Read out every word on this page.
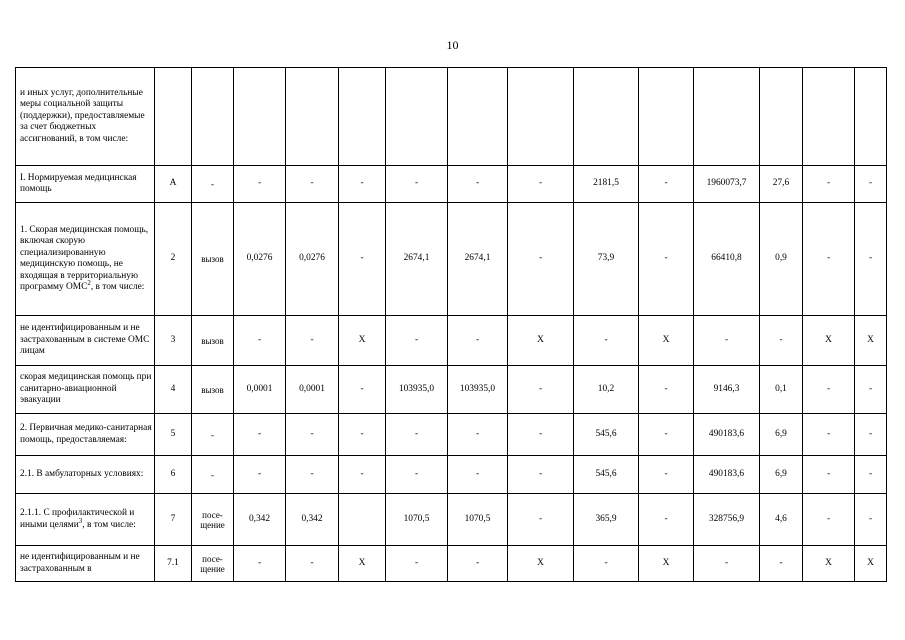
10
и иных услуг, дополнительные меры социальной защиты (поддержки), предоставляемые за счет бюджетных ассигнований, в том числе:														
I. Нормируемая медицинская помощь	А	-	-	-	-	-	-	-	2181,5	-	1960073,7	27,6	-	-
1. Скорая медицинская помощь, включая скорую специализированную медицинскую помощь, не входящая в территориальную программу ОМС$^2$, в том числе:	2	вызов	0,0276	0,0276	-	2674,1	2674,1	-	73,9	-	66410,8	0,9	-	-
не идентифицированным и не застрахованным в системе ОМС лицам	3	вызов	-	-	Х	-	-	Х	-	Х	-	-	Х	Х
скорая медицинская помощь при санитарно-авиационной эвакуации	4	вызов	0,0001	0,0001	-	103935,0	103935,0	-	10,2	-	9146,3	0,1	-	-
2. Первичная медико-санитарная помощь, предоставляемая:	5	-	-	-	-	-	-	-	545,6	-	490183,6	6,9	-	-
2.1. В амбулаторных условиях:	6	-	-	-	-	-	-	-	545,6	-	490183,6	6,9	-	-
2.1.1. С профилактической и иными целями$^3$, в том числе:	7	посе-щение	0,342	0,342		1070,5	1070,5	-	365,9	-	328756,9	4,6	-	-
не идентифицированным и не застрахованным в	7.1	посе-щение	-	-	Х	-	-	Х	-	Х	-	-	Х	Х
